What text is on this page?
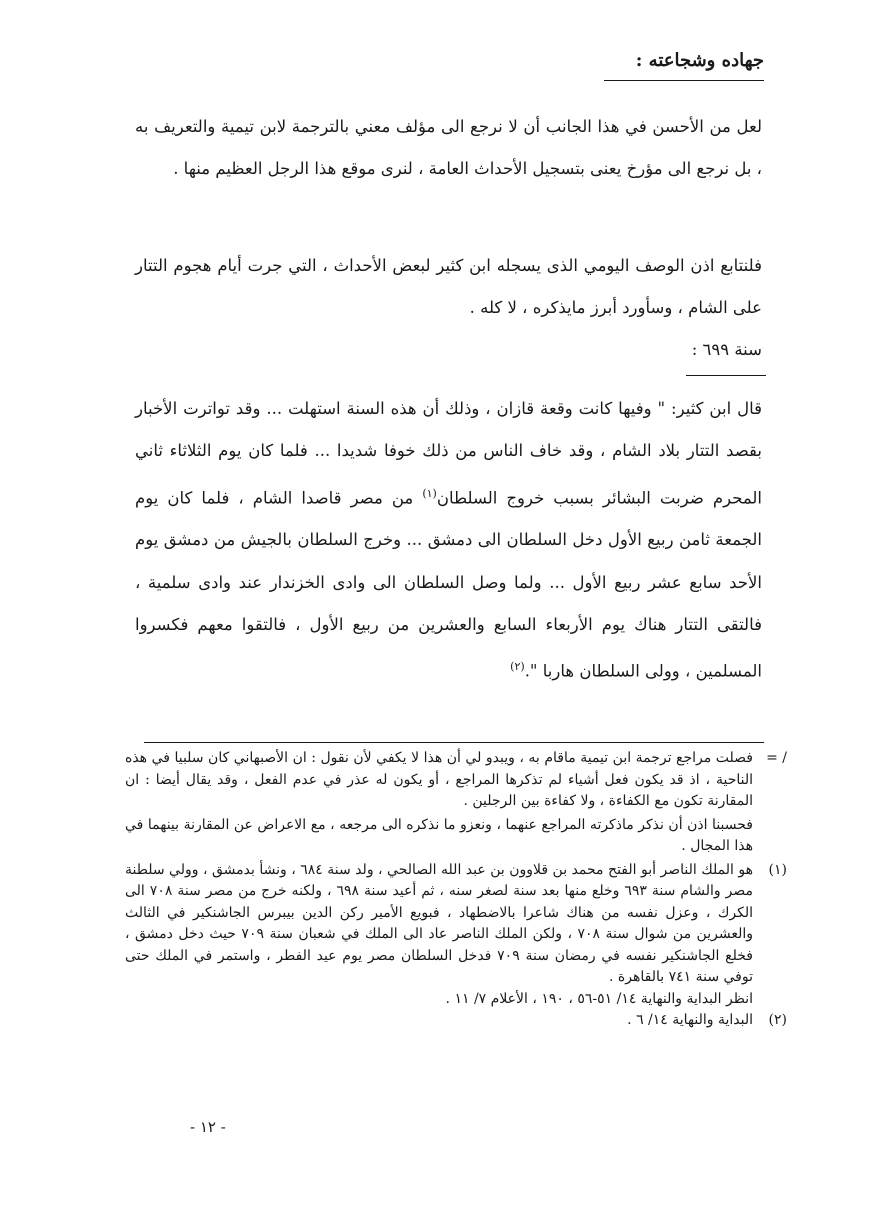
جهاده وشجاعته :
لعل من الأحسن في هذا الجانب أن لا نرجع الى مؤلف معني بالترجمة لابن تيمية والتعريف به ، بل نرجع الى مؤرخ يعنى بتسجيل الأحداث العامة ، لنرى موقع هذا الرجل العظيم منها .
فلنتابع اذن الوصف اليومي الذى يسجله ابن كثير لبعض الأحداث ، التي جرت أيام هجوم التتار على الشام ، وسأورد أبرز مايذكره ، لا كله .
سنة ٦٩٩ :
قال ابن كثير: " وفيها كانت وقعة قازان ، وذلك أن هذه السنة استهلت ... وقد تواترت الأخبار بقصد التتار بلاد الشام ، وقد خاف الناس من ذلك خوفا شديدا ... فلما كان يوم الثلاثاء ثاني المحرم ضربت البشائر بسبب خروج السلطان$^{(١)}$ من مصر قاصدا الشام ، فلما كان يوم الجمعة ثامن ربيع الأول دخل السلطان الى دمشق ... وخرج السلطان بالجيش من دمشق يوم الأحد سابع عشر ربيع الأول ... ولما وصل السلطان الى وادى الخزندار عند وادى سلمية ، فالتقى التتار هناك يوم الأربعاء السابع والعشرين من ربيع الأول ، فالتقوا معهم فكسروا المسلمين ، وولى السلطان هاربا ".$^{(٢)}$
/ =
فصلت مراجع ترجمة ابن تيمية ماقام به ، ويبدو لي أن هذا لا يكفي لأن نقول : ان الأصبهاني كان سلبيا في هذه الناحية ، اذ قد يكون فعل أشياء لم تذكرها المراجع ، أو يكون له عذر في عدم الفعل ، وقد يقال أيضا : ان المقارنة تكون مع الكفاءة ، ولا كفاءة بين الرجلين .
فحسبنا اذن أن نذكر ماذكرته المراجع عنهما ، ونعزو ما نذكره الى مرجعه ، مع الاعراض عن المقارنة بينهما في هذا المجال .
(١)
هو الملك الناصر أبو الفتح محمد بن قلاوون بن عبد الله الصالحي ، ولد سنة ٦٨٤ ، ونشأ بدمشق ، وولي سلطنة مصر والشام سنة ٦٩٣ وخلع منها بعد سنة لصغر سنه ، ثم أعيد سنة ٦٩٨ ، ولكنه خرج من مصر سنة ٧٠٨ الى الكرك ، وعزل نفسه من هناك شاعرا بالاضطهاد ، فبويع الأمير ركن الدين بيبرس الجاشنكير في الثالث والعشرين من شوال سنة ٧٠٨ ، ولكن الملك الناصر عاد الى الملك في شعبان سنة ٧٠٩ حيث دخل دمشق ، فخلع الجاشنكير نفسه في رمضان سنة ٧٠٩ فدخل السلطان مصر يوم عيد الفطر ، واستمر في الملك حتى توفي سنة ٧٤١ بالقاهرة .
انظر البداية والنهاية ١٤/ ٥١-٥٦ ، ١٩٠ ، الأعلام ٧/ ١١ .
(٢)
البداية والنهاية ١٤/ ٦ .
- ١٢ -
